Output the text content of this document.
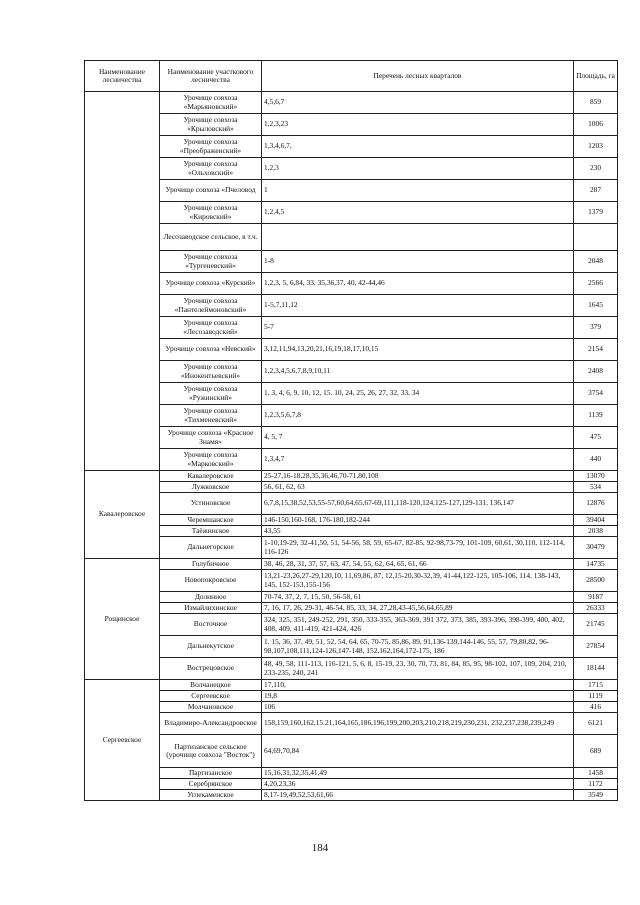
Наименование лесничества	Наименование участкового лесничества	Перечень лесных кварталов	Площадь, га
	Урочище совхоза «Марьяновский»	4,5,6,7	859
	Урочище совхоза «Крыловский»	1,2,3,23	1006
	Урочище совхоза «Преображенский»	1,3,4,6,7,	1203
	Урочище совхоза «Ольховский»	1,2,3	230
	Урочище совхоза «Пчеловод	1	287
	Урочище совхоза «Кировский»	1,2,4,5	1379
	Лесозаводское сельское, в т.ч.		
	Урочище совхоза «Тургеневский»	1-8	2048
	Урочище совхоза «Курский»	1,2,3, 5, 6,84, 33, 35,36,37, 40, 42-44,46	2566
	Урочище совхоза «Пантелеймоновский»	1-5,7,11,12	1645
	Урочище совхоза «Лесозаводский»	5-7	379
	Урочище совхоза «Невский»	3,12,11,94,13,20,21,16,19,18,17,10,15	2154
	Урочище совхоза «Инокентьевский»	1,2,3,4,5,6,7,8,9,10,11	2408
	Урочище совхоза «Ружинский»	1, 3, 4, 6, 9, 10, 12, 15. 10, 24, 25, 26, 27, 32, 33, 34	3754
	Урочище совхоза «Тихменевский»	1,2,3,5,6,7,8	1139
	Урочище совхоза «Красное Знамя»	4, 5, 7	475
	Урочище совхоза «Марковский»	1,3,4,7	440
Кавалеровское	Кавалеровское	25-27,16-18,28,35,36,46,70-71,80,108	13070
	Лужковское	56, 61, 62, 63	534
	Устиновское	6,7,8,15,38,52,53,55-57,60,64,65,67-69,111,118-120,124,125-127,129-131, 136,147	12876
	Черемшанское	146-150,160-168, 176-180,182-244	39404
	Таёжинское	43,55	2038
	Дальнегорское	1-10,19-29, 32-41,50, 51, 54-56, 58, 59, 65-67, 82-85, 92-98,73-79, 101-109, 60,61, 30,110, 112-114, 116-126	30479
Рощинское	Голубичное	38, 46, 28, 31, 37, 57, 63, 47, 54, 55, 62, 64, 65, 61, 66	14735
	Новопокровское	13,21-23,26,27-29,120,10, 11,69,86, 87, 12,15-20,30-32,39, 41-44,122-125, 105-106, 114, 138-143, 145, 152-153,155-156	28500
	Долинное	70-74, 37, 2, 7, 15, 50, 56-58, 61	9187
	Измайлихинское	7, 16, 17, 26, 29-31, 46-54, 85, 33, 34, 27,28,43-45,56,64,65,89	26333
	Восточное	324, 325, 351, 249-252, 291, 350, 333-355, 363-369, 391 372, 373, 385, 393-396, 398-399, 400, 402, 408, 409, 411-419, 421-424, 426	21745
	Дальнекутское	1. 15, 36, 37, 49, 51, 52, 54, 64, 65, 70-75, 85,86, 89, 91,136-139,144-146, 55, 57, 79,80,82, 96-98,107,108,111,124-126,147-148, 152,162,164,172-175, 186	27854
	Вострецовское	48, 49, 58, 111-113, 116-121, 5, 6, 8, 15-19, 23, 30, 70, 73, 81, 84, 85, 95, 98-102, 107, 109, 204, 210, 233-235, 240, 241	18144
Сергеевское	Волчанецкое	17,110,	1715
	Сергеевское	19,8	1119
	Молчановское	106	416
	Владимиро-Александровское	158,159,160,162,15.21,164,165,186,196,199,200,203,210,218,219,230,231, 232,237,238,239,249	6121
	Партизанское сельское (урочище совхоза "Восток")	64,69,70,84	689
	Партизанское	15,16,31,32,35,41,49	1458
	Серебрянское	4,20,23,36	1172
	Углекаменское	8,17-19,49,52,53,61,66	3549
184
